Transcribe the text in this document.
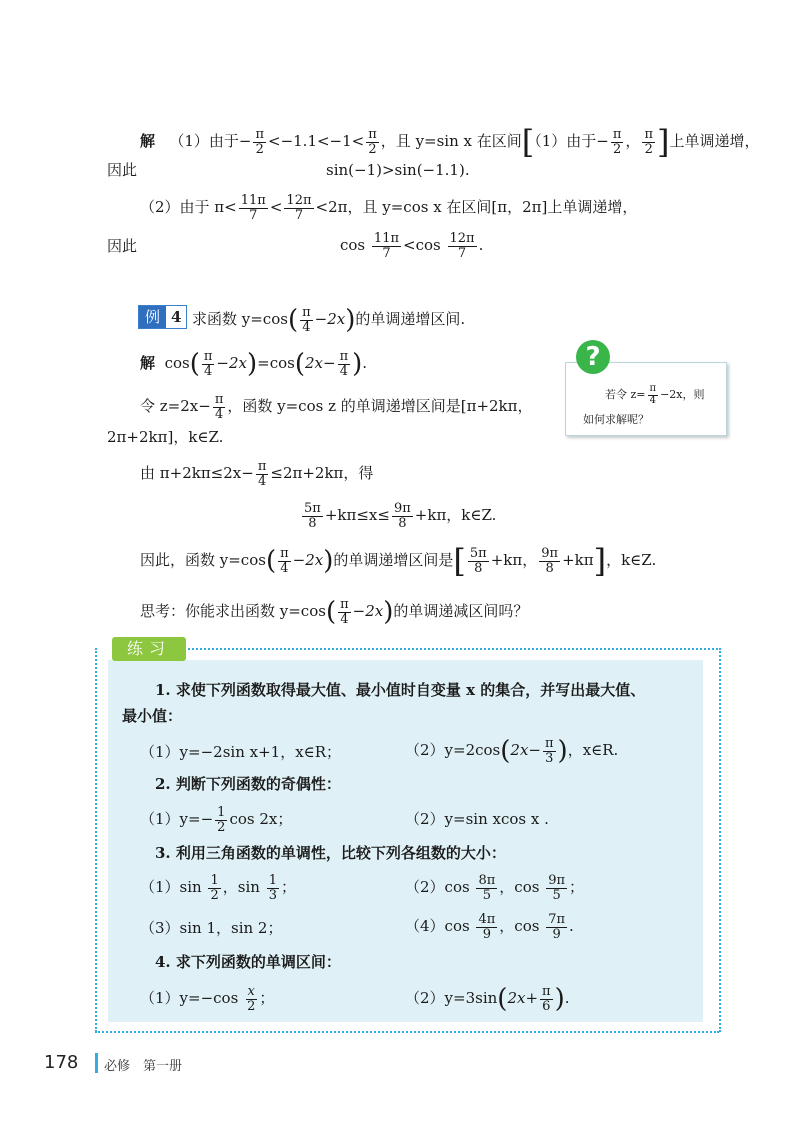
解 （1）由于− $\frac{\pi}{2} <-1.1<-1< \frac{\pi}{2}$ ，且 y=sin x 在区间[（1）由于− $\frac{\pi}{2}$ ， $\frac{\pi}{2}$ ]上单调递增，
因此	sin(−1)>sin(−1.1).
（2）由于 $\pi< \frac{11\pi}{7} < \frac{12\pi}{7} <2\pi$，且 y=cos x 在区间[π，2π]上单调递增，
因此	$\cos \frac{11\pi}{7} <\cos \frac{12\pi}{7}$ .
例 4 求函数 $y=\cos( \frac{\pi}{4} -2x)$的单调递增区间.
解 $\cos( \frac{\pi}{4} -2x)=\cos(2x- \frac{\pi}{4}$ ).
令 $z=2x- \frac{\pi}{4}$ ，函数 y=cos z 的单调递增区间是[π+2kπ，
2π+2kπ]，k∈Z.
由 $\pi+2k\pi\le 2x- \frac{\pi}{4} \le 2\pi+2k\pi$，得
$\frac{5\pi}{8} +k\pi\le x\le \frac{9\pi}{8} +k\pi$，k∈Z.
因此，函数 $y=\cos( \frac{\pi}{4} -2x)$的单调递增区间是[ $\frac{5\pi}{8} +k\pi$， $\frac{9\pi}{8} +k\pi$]，k∈Z.
思考：你能求出函数 $y=\cos( \frac{\pi}{4} -2x)$的单调递减区间吗？
?
若令 $z= \frac{\pi}{4} -2x$，则
如何求解呢？
练习
1. 求使下列函数取得最大值、最小值时自变量 x 的集合，并写出最大值、
最小值：
（1）y=−2sin x+1，x∈R；	$(2)y=2\cos(2x- \frac{\pi}{3}$ )，x∈R.
2. 判断下列函数的奇偶性：
$(1)y=- \frac{1}{2}$ cos 2x；	（2）y=sin xcos x .
3. 利用三角函数的单调性，比较下列各组数的大小：
$(1)\sin \frac{1}{2}$ ，$\sin \frac{1}{3}$ ；	$(2)\cos \frac{8\pi}{5}$ ，$\cos \frac{9\pi}{5}$ ；
（3）sin 1，sin 2；	$(4)\cos \frac{4\pi}{9}$ ，$\cos \frac{7\pi}{9}$ .
4. 求下列函数的单调区间：
$(1)y=-\cos \frac{x}{2}$ ；	$(2)y=3\sin(2x+ \frac{\pi}{6}$ ).
178 必修　第一册
